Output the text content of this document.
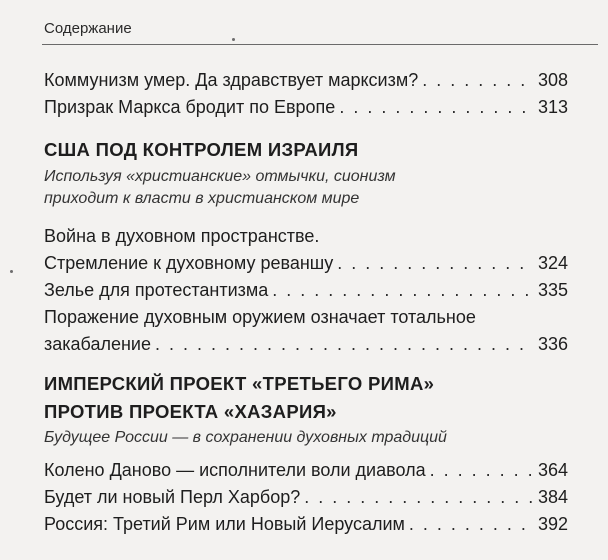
Содержание
Коммунизм умер. Да здравствует марксизм? . . .	308
Призрак Маркса бродит по Европе . . .	313
США ПОД КОНТРОЛЕМ ИЗРАИЛЯ
Используя «христианские» отмычки, сионизм
приходит к власти в христианском мире
Война в духовном пространстве.
Стремление к духовному реваншу . . .	324
Зелье для протестантизма . . .	335
Поражение духовным оружием означает тотальное
закабаление . . .	336
ИМПЕРСКИЙ ПРОЕКТ «ТРЕТЬЕГО РИМА»
ПРОТИВ ПРОЕКТА «ХАЗАРИЯ»
Будущее России — в сохранении духовных традиций
Колено Даново — исполнители воли диавола . . .	364
Будет ли новый Перл Харбор? . . .	384
Россия: Третий Рим или Новый Иерусалим . . .	392
